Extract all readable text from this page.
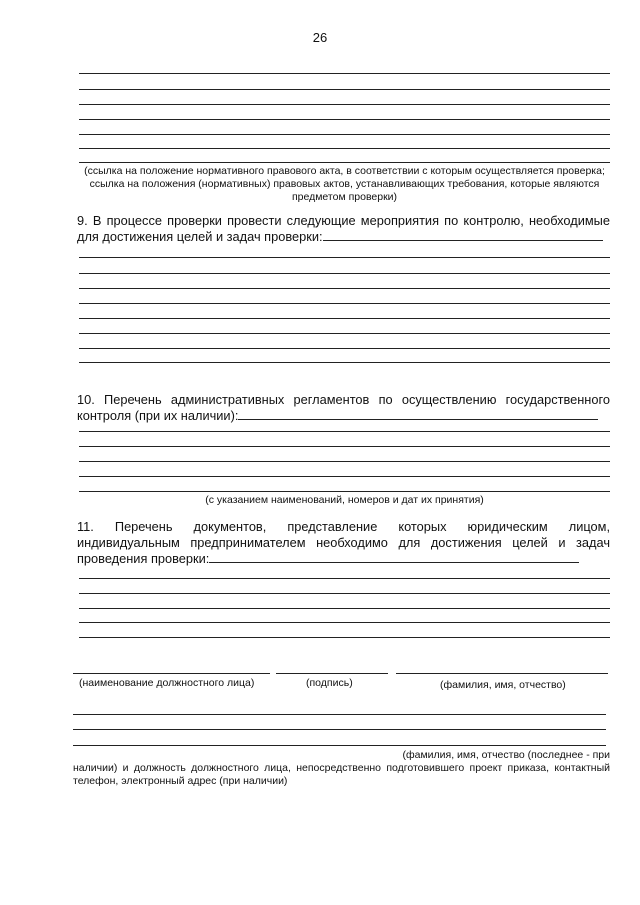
26
(ссылка на положение нормативного правового акта, в соответствии с которым осуществляется проверка; ссылка на положения (нормативных) правовых актов, устанавливающих требования, которые являются предметом проверки)
9. В процессе проверки провести следующие мероприятия по контролю, необходимые для достижения целей и задач проверки:
10. Перечень административных регламентов по осуществлению государственного контроля (при их наличии):
(с указанием наименований, номеров и дат их принятия)
11. Перечень документов, представление которых юридическим лицом, индивидуальным предпринимателем необходимо для достижения целей и задач проведения проверки:
(наименование должностного лица)	(подпись)	(фамилия, имя, отчество)
(фамилия, имя, отчество (последнее - при
наличии) и должность должностного лица, непосредственно подготовившего проект приказа, контактный телефон, электронный адрес (при наличии)
